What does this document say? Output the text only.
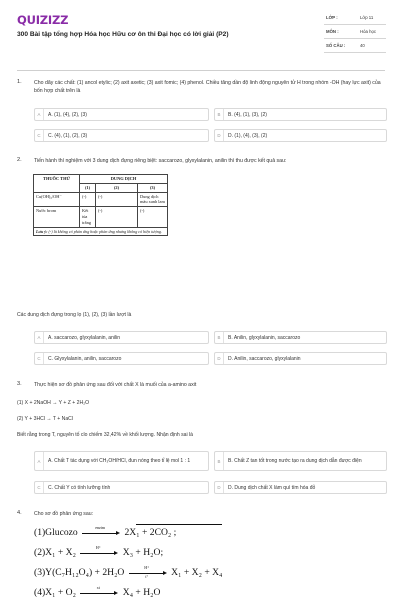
QUIZIZZ
300 Bài tập tổng hợp Hóa học Hữu cơ ôn thi Đại học có lời giải (P2)
LỚP :	Lớp 11
MÔN :	Hóa học
SỐ CÂU :	40
1. Cho dãy các chất: (1) ancol etylic; (2) axit axetic; (3) axit fomic; (4) phenol. Chiều tăng dần độ linh động nguyên tử H trong nhóm -OH (hay lực axit) của bốn hợp chất trên là
A	A. (1), (4), (2), (3)	B	B. (4), (1), (3), (2)
C	C. (4), (1), (2), (3)	D	D. (1), (4), (3), (2)
2. Tiến hành thí nghiệm với 3 dung dịch đựng riêng biệt: saccarozo, glyxylalanin, anilin thì thu được kết quả sau:
THUỐC THỬ	DUNG DỊCH		
	(1)	(2)	(3)
Cu(OH)₂/OH⁻	(-)	(-)	Dung dịch màu xanh lam
Nước brom	Kết tủa trắng	(-)	(-)
Lưu ý: (-) là không có phản ứng hoặc phản ứng nhưng không có hiện tượng.			
Các dung dịch đựng trong lọ (1), (2), (3) lần lượt là
A	A. saccarozo, glyxylalanin, anilin	B	B. Anilin, glyxylalanin, saccarozo
C	C. Glyxylalanin, anilin, saccarozo	D	D. Anilin, saccarozo, glyxylalanin
3. Thực hiện sơ đồ phản ứng sau đối với chất X là muối của a-amino axit
(1) X + 2NaOH → Y + Z + 2H₂O
(2) Y + 3HCl → T + NaCl
Biết rằng trong T, nguyên tố clo chiếm 32,42% về khối lượng. Nhận định sai là
A	A. Chất T tác dụng với CH₃OH/HCl, đun nóng theo tỉ lệ mol 1 : 1	B	B. Chất Z tan tốt trong nước tạo ra dung dịch dẫn được điện
C	C. Chất Y có tính lưỡng tính	D	D. Dung dịch chất X làm quì tím hóa đỏ
4. Cho sơ đồ phản ứng sau:
(1)Glucozo	enzim	2X₁ + 2CO₂ ;
(2)X₁ + X₂	H⁺	X₃ + H₂O;
$(3)Y(C_7H_{12}O_4) + 2H_2O \frac{H^+}{t^\circ} X_1 + X_2 + X_4$
(4)X₁ + O₂	xt	X₄ + H₂O
